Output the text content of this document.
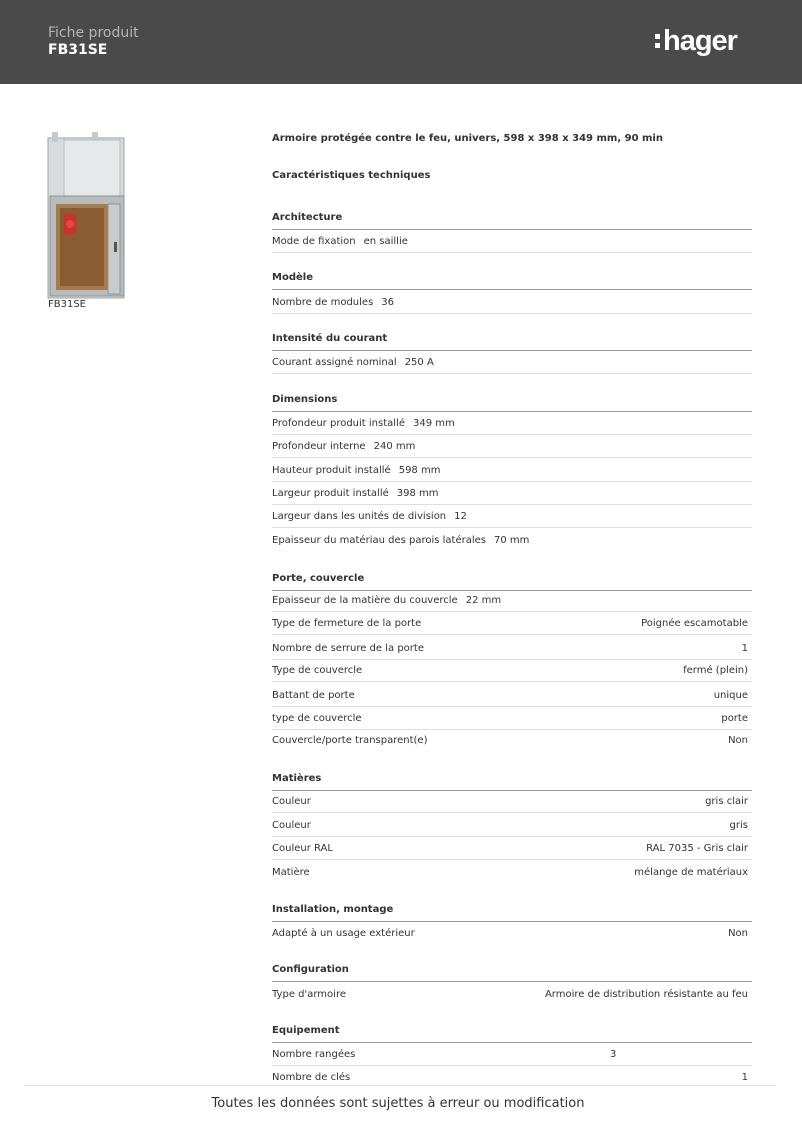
Fiche produit
FB31SE	hager
FB31SE
Armoire protégée contre le feu, univers, 598 x 398 x 349 mm, 90 min
Caractéristiques techniques
Architecture
Mode de fixation en saillie
Modèle
Nombre de modules 36
Intensité du courant
Courant assigné nominal 250 A
Dimensions
Profondeur produit installé 349 mm
Profondeur interne 240 mm
Hauteur produit installé 598 mm
Largeur produit installé 398 mm
Largeur dans les unités de division 12
Epaisseur du matériau des parois latérales 70 mm
Porte, couvercle
Epaisseur de la matière du couvercle 22 mm
Type de fermeture de la porte	Poignée escamotable
Nombre de serrure de la porte	1
Type de couvercle	fermé (plein)
Battant de porte	unique
type de couvercle	porte
Couvercle/porte transparent(e)	Non
Matières
Couleur	gris clair
Couleur	gris
Couleur RAL	RAL 7035 - Gris clair
Matière	mélange de matériaux
Installation, montage
Adapté à un usage extérieur	Non
Configuration
Type d'armoire	Armoire de distribution résistante au feu
Equipement
Nombre rangées	3
Nombre de clés	1
Toutes les données sont sujettes à erreur ou modification
